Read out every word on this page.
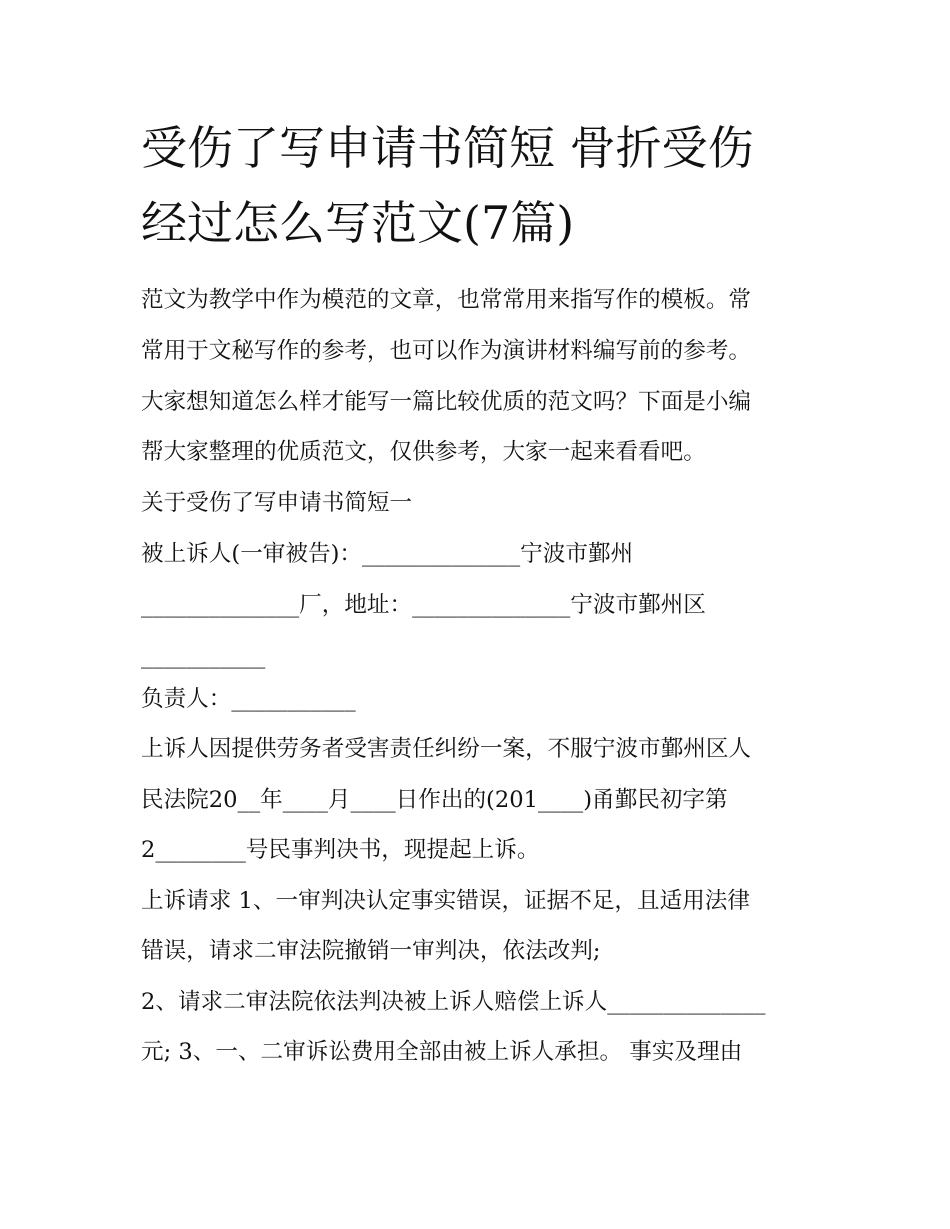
受伤了写申请书简短 骨折受伤
经过怎么写范文(7篇)
范文为教学中作为模范的文章，也常常用来指写作的模板。常
常用于文秘写作的参考，也可以作为演讲材料编写前的参考。
大家想知道怎么样才能写一篇比较优质的范文吗？下面是小编
帮大家整理的优质范文，仅供参考，大家一起来看看吧。
关于受伤了写申请书简短一
被上诉人(一审被告)：______________宁波市鄞州
______________厂，地址：______________宁波市鄞州区
___________
负责人：___________
上诉人因提供劳务者受害责任纠纷一案，不服宁波市鄞州区人
民法院20__年____月____日作出的(201____)甬鄞民初字第
2________号民事判决书，现提起上诉。
上诉请求 1、一审判决认定事实错误，证据不足，且适用法律
错误，请求二审法院撤销一审判决，依法改判;
2、请求二审法院依法判决被上诉人赔偿上诉人______________
元; 3、一、二审诉讼费用全部由被上诉人承担。 事实及理由
